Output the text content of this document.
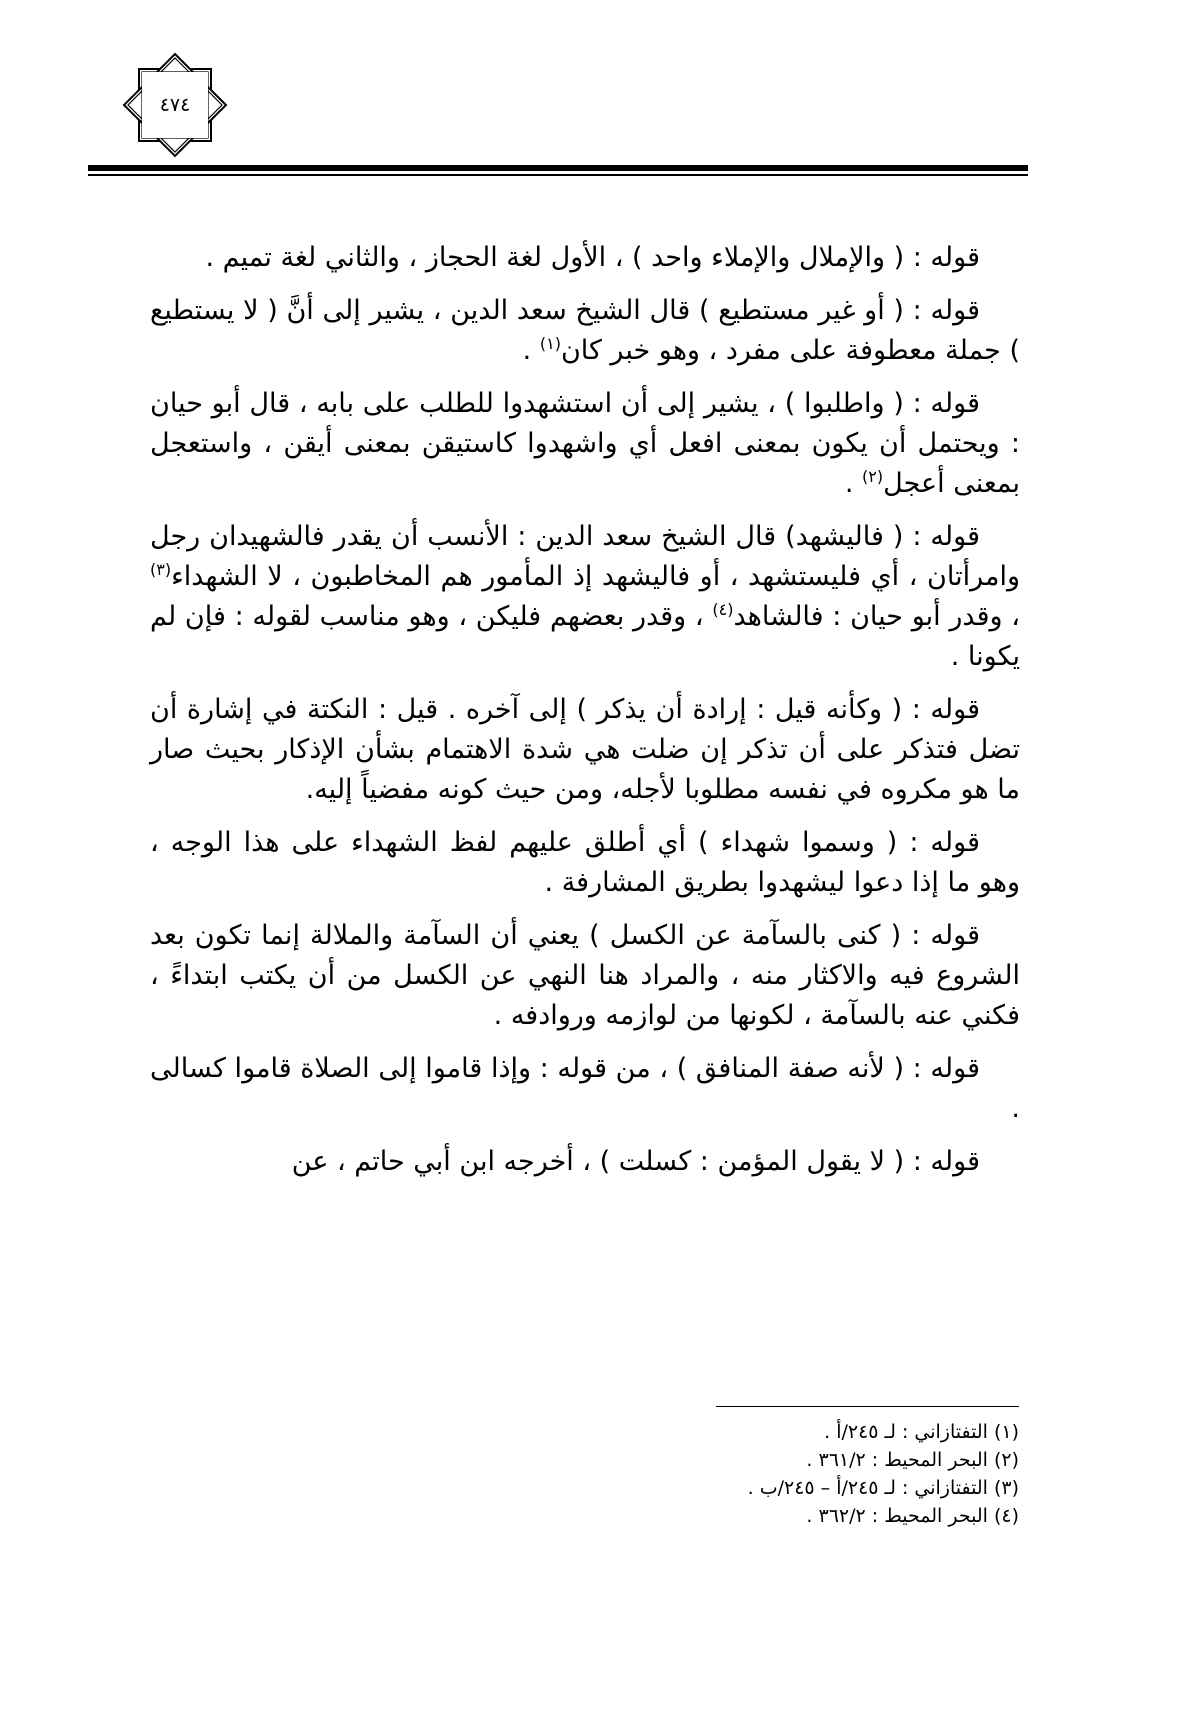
٤٧٤

قوله : ( والإملال والإملاء واحد ) ، الأول لغة الحجاز ، والثاني لغة تميم .

قوله : ( أو غير مستطيع ) قال الشيخ سعد الدين ، يشير إلى أنَّ ( لا يستطيع ) جملة معطوفة على مفرد ، وهو خبر كان$^{(١)}$ .

قوله : ( واطلبوا ) ، يشير إلى أن استشهدوا للطلب على بابه ، قال أبو حيان : ويحتمل أن يكون بمعنى افعل أي واشهدوا كاستيقن بمعنى أيقن ، واستعجل بمعنى أعجل$^{(٢)}$ .

قوله : ( فاليشهد) قال الشيخ سعد الدين : الأنسب أن يقدر فالشهيدان رجل وامرأتان ، أي فليستشهد ، أو فاليشهد إذ المأمور هم المخاطبون ، لا الشهداء$^{(٣)}$ ، وقدر أبو حيان : فالشاهد$^{(٤)}$ ، وقدر بعضهم فليكن ، وهو مناسب لقوله : فإن لم يكونا .

قوله : ( وكأنه قيل : إرادة أن يذكر ) إلى آخره . قيل : النكتة في إشارة أن تضل فتذكر على أن تذكر إن ضلت هي شدة الاهتمام بشأن الإذكار بحيث صار ما هو مكروه في نفسه مطلوبا لأجله، ومن حيث كونه مفضياً إليه.

قوله : ( وسموا شهداء ) أي أطلق عليهم لفظ الشهداء على هذا الوجه ، وهو ما إذا دعوا ليشهدوا بطريق المشارفة .

قوله : ( كنى بالسآمة عن الكسل ) يعني أن السآمة والملالة إنما تكون بعد الشروع فيه والاكثار منه ، والمراد هنا النهي عن الكسل من أن يكتب ابتداءً ، فكني عنه بالسآمة ، لكونها من لوازمه وروادفه .

قوله : ( لأنه صفة المنافق ) ، من قوله : وإذا قاموا إلى الصلاة قاموا كسالى .

قوله : ( لا يقول المؤمن : كسلت ) ، أخرجه ابن أبي حاتم ، عن

(١) التفتازاني : لـ ٢٤٥/أ .
(٢) البحر المحيط : ٣٦١/٢ .
(٣) التفتازاني : لـ ٢٤٥/أ – ٢٤٥/ب .
(٤) البحر المحيط : ٣٦٢/٢ .
